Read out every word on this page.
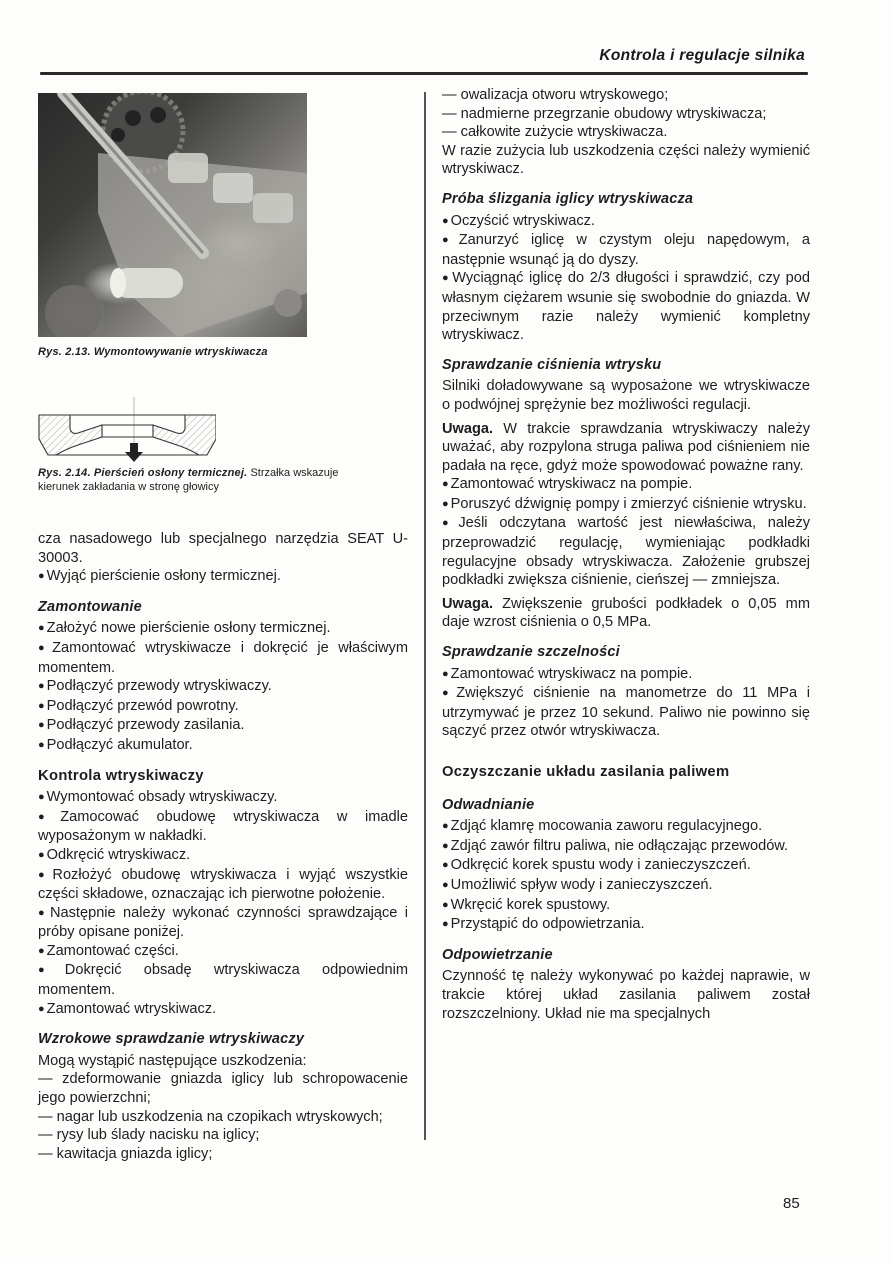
Kontrola i regulacje silnika
Rys. 2.13. Wymontowywanie wtryskiwacza
Rys. 2.14. Pierścień osłony termicznej. Strzałka wskazuje kierunek zakładania w stronę głowicy

cza nasadowego lub specjalnego narzędzia SEAT U-30003.

● Wyjąć pierścienie osłony termicznej.

Zamontowanie

● Założyć nowe pierścienie osłony termicznej.

● Zamontować wtryskiwacze i dokręcić je właściwym momentem.

● Podłączyć przewody wtryskiwaczy.

● Podłączyć przewód powrotny.

● Podłączyć przewody zasilania.

● Podłączyć akumulator.

Kontrola wtryskiwaczy

● Wymontować obsady wtryskiwaczy.

● Zamocować obudowę wtryskiwacza w imadle wyposażonym w nakładki.

● Odkręcić wtryskiwacz.

● Rozłożyć obudowę wtryskiwacza i wyjąć wszystkie części składowe, oznaczając ich pierwotne położenie.

● Następnie należy wykonać czynności sprawdzające i próby opisane poniżej.

● Zamontować części.

● Dokręcić obsadę wtryskiwacza odpowiednim momentem.

● Zamontować wtryskiwacz.

Wzrokowe sprawdzanie wtryskiwaczy

Mogą wystąpić następujące uszkodzenia:

— zdeformowanie gniazda iglicy lub schropowacenie jego powierzchni;

— nagar lub uszkodzenia na czopikach wtryskowych;

— rysy lub ślady nacisku na iglicy;

— kawitacja gniazda iglicy;

— owalizacja otworu wtryskowego;

— nadmierne przegrzanie obudowy wtryskiwacza;

— całkowite zużycie wtryskiwacza.

W razie zużycia lub uszkodzenia części należy wymienić wtryskiwacz.

Próba ślizgania iglicy wtryskiwacza

● Oczyścić wtryskiwacz.

● Zanurzyć iglicę w czystym oleju napędowym, a następnie wsunąć ją do dyszy.

● Wyciągnąć iglicę do 2/3 długości i sprawdzić, czy pod własnym ciężarem wsunie się swobodnie do gniazda. W przeciwnym razie należy wymienić kompletny wtryskiwacz.

Sprawdzanie ciśnienia wtrysku

Silniki doładowywane są wyposażone we wtryskiwacze o podwójnej sprężynie bez możliwości regulacji.

Uwaga. W trakcie sprawdzania wtryskiwaczy należy uważać, aby rozpylona struga paliwa pod ciśnieniem nie padała na ręce, gdyż może spowodować poważne rany.

● Zamontować wtryskiwacz na pompie.

● Poruszyć dźwignię pompy i zmierzyć ciśnienie wtrysku.

● Jeśli odczytana wartość jest niewłaściwa, należy przeprowadzić regulację, wymieniając podkładki regulacyjne obsady wtryskiwacza. Założenie grubszej podkładki zwiększa ciśnienie, cieńszej — zmniejsza.

Uwaga. Zwiększenie grubości podkładek o 0,05 mm daje wzrost ciśnienia o 0,5 MPa.

Sprawdzanie szczelności

● Zamontować wtryskiwacz na pompie.

● Zwiększyć ciśnienie na manometrze do 11 MPa i utrzymywać je przez 10 sekund. Paliwo nie powinno się sączyć przez otwór wtryskiwacza.

Oczyszczanie układu zasilania paliwem

Odwadnianie

● Zdjąć klamrę mocowania zaworu regulacyjnego.

● Zdjąć zawór filtru paliwa, nie odłączając przewodów.

● Odkręcić korek spustu wody i zanieczyszczeń.

● Umożliwić spływ wody i zanieczyszczeń.

● Wkręcić korek spustowy.

● Przystąpić do odpowietrzania.

Odpowietrzanie

Czynność tę należy wykonywać po każdej naprawie, w trakcie której układ zasilania paliwem został rozszczelniony. Układ nie ma specjalnych

85
